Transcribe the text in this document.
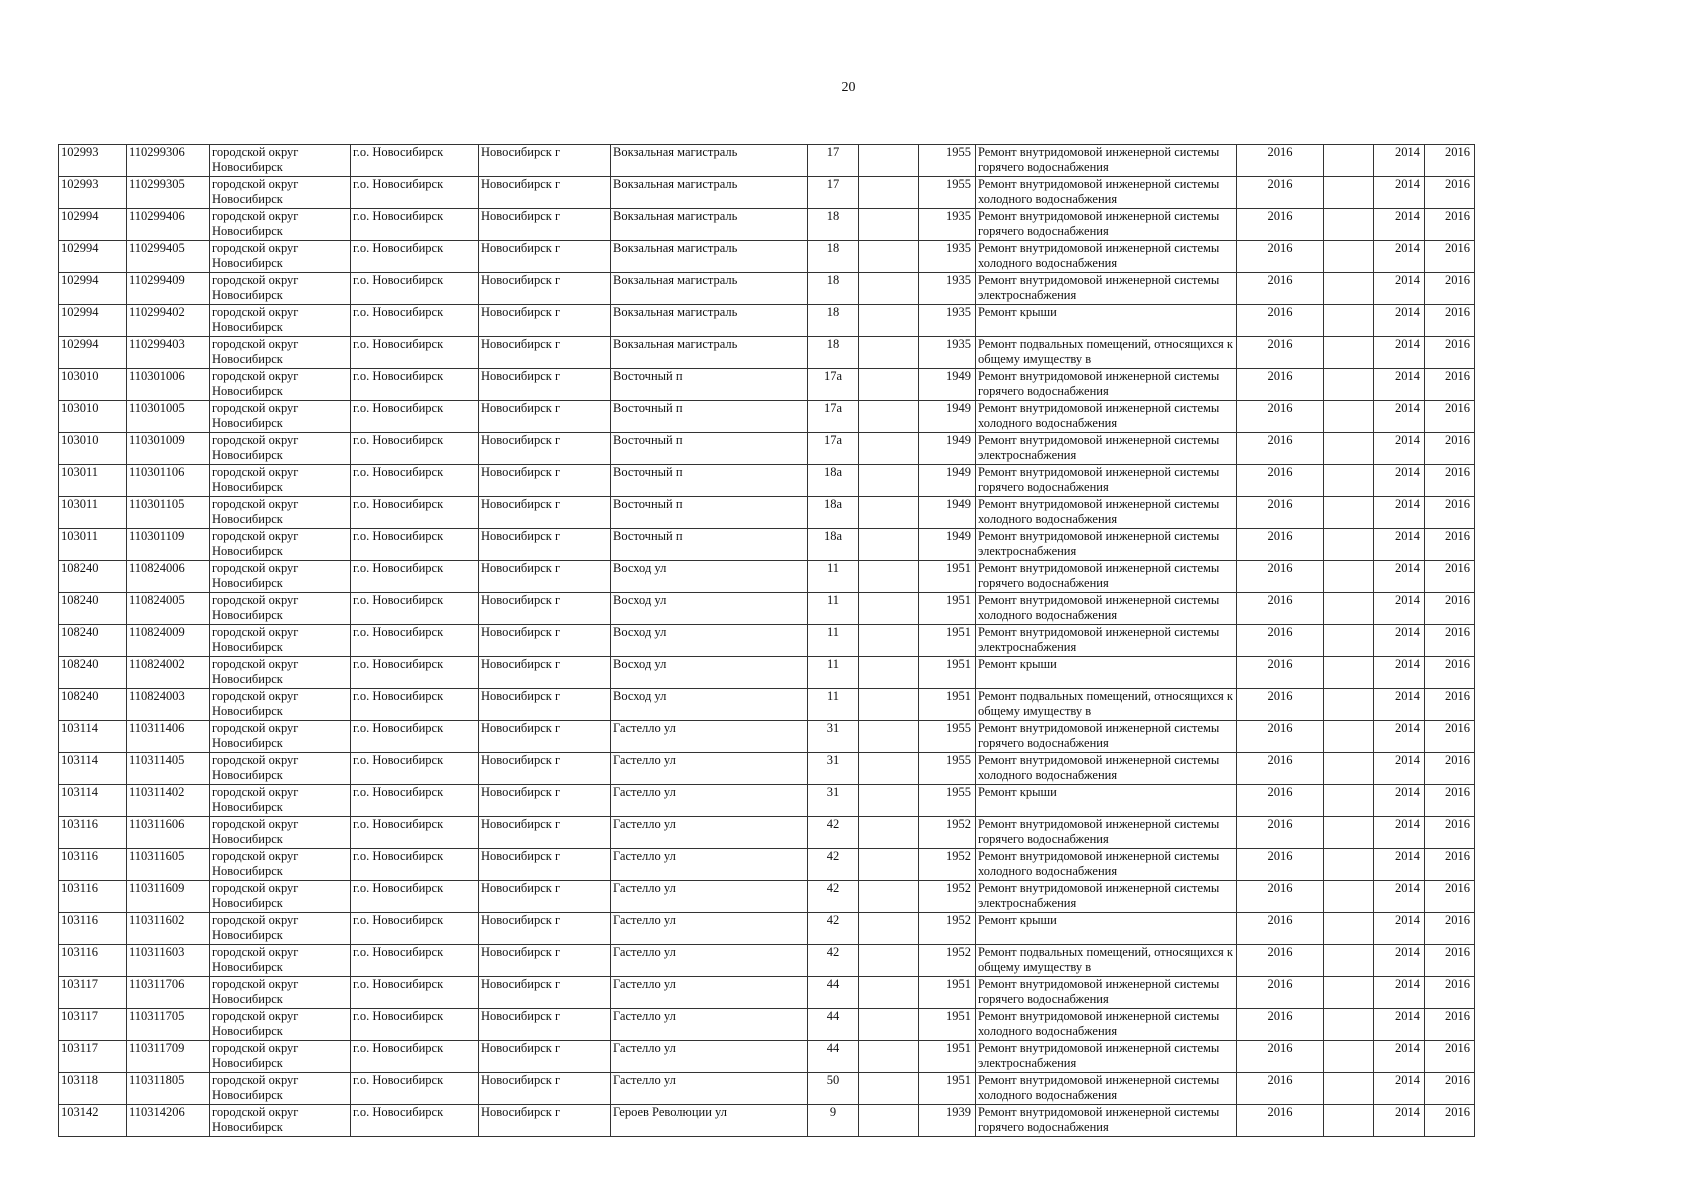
20
102993	110299306	городской округ Новосибирск	г.о. Новосибирск	Новосибирск г	Вокзальная магистраль	17		1955	Ремонт внутридомовой инженерной системы горячего водоснабжения	2016		2014	2016
102993	110299305	городской округ Новосибирск	г.о. Новосибирск	Новосибирск г	Вокзальная магистраль	17		1955	Ремонт внутридомовой инженерной системы холодного водоснабжения	2016		2014	2016
102994	110299406	городской округ Новосибирск	г.о. Новосибирск	Новосибирск г	Вокзальная магистраль	18		1935	Ремонт внутридомовой инженерной системы горячего водоснабжения	2016		2014	2016
102994	110299405	городской округ Новосибирск	г.о. Новосибирск	Новосибирск г	Вокзальная магистраль	18		1935	Ремонт внутридомовой инженерной системы холодного водоснабжения	2016		2014	2016
102994	110299409	городской округ Новосибирск	г.о. Новосибирск	Новосибирск г	Вокзальная магистраль	18		1935	Ремонт внутридомовой инженерной системы электроснабжения	2016		2014	2016
102994	110299402	городской округ Новосибирск	г.о. Новосибирск	Новосибирск г	Вокзальная магистраль	18		1935	Ремонт крыши	2016		2014	2016
102994	110299403	городской округ Новосибирск	г.о. Новосибирск	Новосибирск г	Вокзальная магистраль	18		1935	Ремонт подвальных помещений, относящихся к общему имуществу в	2016		2014	2016
103010	110301006	городской округ Новосибирск	г.о. Новосибирск	Новосибирск г	Восточный п	17а		1949	Ремонт внутридомовой инженерной системы горячего водоснабжения	2016		2014	2016
103010	110301005	городской округ Новосибирск	г.о. Новосибирск	Новосибирск г	Восточный п	17а		1949	Ремонт внутридомовой инженерной системы холодного водоснабжения	2016		2014	2016
103010	110301009	городской округ Новосибирск	г.о. Новосибирск	Новосибирск г	Восточный п	17а		1949	Ремонт внутридомовой инженерной системы электроснабжения	2016		2014	2016
103011	110301106	городской округ Новосибирск	г.о. Новосибирск	Новосибирск г	Восточный п	18а		1949	Ремонт внутридомовой инженерной системы горячего водоснабжения	2016		2014	2016
103011	110301105	городской округ Новосибирск	г.о. Новосибирск	Новосибирск г	Восточный п	18а		1949	Ремонт внутридомовой инженерной системы холодного водоснабжения	2016		2014	2016
103011	110301109	городской округ Новосибирск	г.о. Новосибирск	Новосибирск г	Восточный п	18а		1949	Ремонт внутридомовой инженерной системы электроснабжения	2016		2014	2016
108240	110824006	городской округ Новосибирск	г.о. Новосибирск	Новосибирск г	Восход ул	11		1951	Ремонт внутридомовой инженерной системы горячего водоснабжения	2016		2014	2016
108240	110824005	городской округ Новосибирск	г.о. Новосибирск	Новосибирск г	Восход ул	11		1951	Ремонт внутридомовой инженерной системы холодного водоснабжения	2016		2014	2016
108240	110824009	городской округ Новосибирск	г.о. Новосибирск	Новосибирск г	Восход ул	11		1951	Ремонт внутридомовой инженерной системы электроснабжения	2016		2014	2016
108240	110824002	городской округ Новосибирск	г.о. Новосибирск	Новосибирск г	Восход ул	11		1951	Ремонт крыши	2016		2014	2016
108240	110824003	городской округ Новосибирск	г.о. Новосибирск	Новосибирск г	Восход ул	11		1951	Ремонт подвальных помещений, относящихся к общему имуществу в	2016		2014	2016
103114	110311406	городской округ Новосибирск	г.о. Новосибирск	Новосибирск г	Гастелло ул	31		1955	Ремонт внутридомовой инженерной системы горячего водоснабжения	2016		2014	2016
103114	110311405	городской округ Новосибирск	г.о. Новосибирск	Новосибирск г	Гастелло ул	31		1955	Ремонт внутридомовой инженерной системы холодного водоснабжения	2016		2014	2016
103114	110311402	городской округ Новосибирск	г.о. Новосибирск	Новосибирск г	Гастелло ул	31		1955	Ремонт крыши	2016		2014	2016
103116	110311606	городской округ Новосибирск	г.о. Новосибирск	Новосибирск г	Гастелло ул	42		1952	Ремонт внутридомовой инженерной системы горячего водоснабжения	2016		2014	2016
103116	110311605	городской округ Новосибирск	г.о. Новосибирск	Новосибирск г	Гастелло ул	42		1952	Ремонт внутридомовой инженерной системы холодного водоснабжения	2016		2014	2016
103116	110311609	городской округ Новосибирск	г.о. Новосибирск	Новосибирск г	Гастелло ул	42		1952	Ремонт внутридомовой инженерной системы электроснабжения	2016		2014	2016
103116	110311602	городской округ Новосибирск	г.о. Новосибирск	Новосибирск г	Гастелло ул	42		1952	Ремонт крыши	2016		2014	2016
103116	110311603	городской округ Новосибирск	г.о. Новосибирск	Новосибирск г	Гастелло ул	42		1952	Ремонт подвальных помещений, относящихся к общему имуществу в	2016		2014	2016
103117	110311706	городской округ Новосибирск	г.о. Новосибирск	Новосибирск г	Гастелло ул	44		1951	Ремонт внутридомовой инженерной системы горячего водоснабжения	2016		2014	2016
103117	110311705	городской округ Новосибирск	г.о. Новосибирск	Новосибирск г	Гастелло ул	44		1951	Ремонт внутридомовой инженерной системы холодного водоснабжения	2016		2014	2016
103117	110311709	городской округ Новосибирск	г.о. Новосибирск	Новосибирск г	Гастелло ул	44		1951	Ремонт внутридомовой инженерной системы электроснабжения	2016		2014	2016
103118	110311805	городской округ Новосибирск	г.о. Новосибирск	Новосибирск г	Гастелло ул	50		1951	Ремонт внутридомовой инженерной системы холодного водоснабжения	2016		2014	2016
103142	110314206	городской округ Новосибирск	г.о. Новосибирск	Новосибирск г	Героев Революции ул	9		1939	Ремонт внутридомовой инженерной системы горячего водоснабжения	2016		2014	2016
